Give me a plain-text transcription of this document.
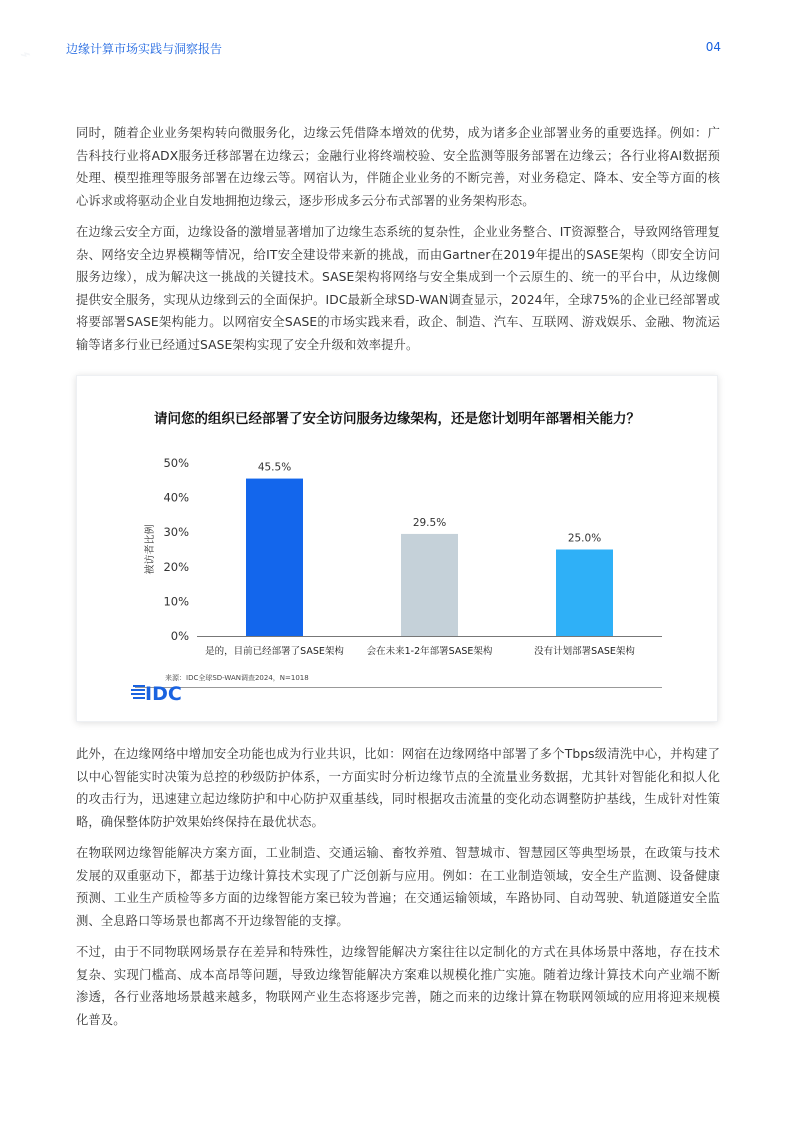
⌁	边缘计算市场实践与洞察报告	04

同时，随着企业业务架构转向微服务化，边缘云凭借降本增效的优势，成为诸多企业部署业务的重要选择。例如：广告科技行业将ADX服务迁移部署在边缘云；金融行业将终端校验、安全监测等服务部署在边缘云；各行业将AI数据预处理、模型推理等服务部署在边缘云等。网宿认为，伴随企业业务的不断完善，对业务稳定、降本、安全等方面的核心诉求或将驱动企业自发地拥抱边缘云，逐步形成多云分布式部署的业务架构形态。

在边缘云安全方面，边缘设备的激增显著增加了边缘生态系统的复杂性，企业业务整合、IT资源整合，导致网络管理复杂、网络安全边界模糊等情况，给IT安全建设带来新的挑战，而由Gartner在2019年提出的SASE架构（即安全访问服务边缘），成为解决这一挑战的关键技术。SASE架构将网络与安全集成到一个云原生的、统一的平台中，从边缘侧提供安全服务，实现从边缘到云的全面保护。IDC最新全球SD-WAN调查显示，2024年，全球75%的企业已经部署或将要部署SASE架构能力。以网宿安全SASE的市场实践来看，政企、制造、汽车、互联网、游戏娱乐、金融、物流运输等诸多行业已经通过SASE架构实现了安全升级和效率提升。

请问您的组织已经部署了安全访问服务边缘架构，还是您计划明年部署相关能力？
0%
10%
20%
30%
40%
50%
被访者比例
45.5%
是的，目前已经部署了SASE架构
29.5%
会在未来1-2年部署SASE架构
25.0%
没有计划部署SASE架构
来源：IDC全球SD-WAN调查2024，N=1018
IDC

此外，在边缘网络中增加安全功能也成为行业共识，比如：网宿在边缘网络中部署了多个Tbps级清洗中心，并构建了以中心智能实时决策为总控的秒级防护体系，一方面实时分析边缘节点的全流量业务数据，尤其针对智能化和拟人化的攻击行为，迅速建立起边缘防护和中心防护双重基线，同时根据攻击流量的变化动态调整防护基线，生成针对性策略，确保整体防护效果始终保持在最优状态。

在物联网边缘智能解决方案方面，工业制造、交通运输、畜牧养殖、智慧城市、智慧园区等典型场景，在政策与技术发展的双重驱动下，都基于边缘计算技术实现了广泛创新与应用。例如：在工业制造领域，安全生产监测、设备健康预测、工业生产质检等多方面的边缘智能方案已较为普遍；在交通运输领域，车路协同、自动驾驶、轨道隧道安全监测、全息路口等场景也都离不开边缘智能的支撑。

不过，由于不同物联网场景存在差异和特殊性，边缘智能解决方案往往以定制化的方式在具体场景中落地，存在技术复杂、实现门槛高、成本高昂等问题，导致边缘智能解决方案难以规模化推广实施。随着边缘计算技术向产业端不断渗透，各行业落地场景越来越多，物联网产业生态将逐步完善，随之而来的边缘计算在物联网领域的应用将迎来规模化普及。
